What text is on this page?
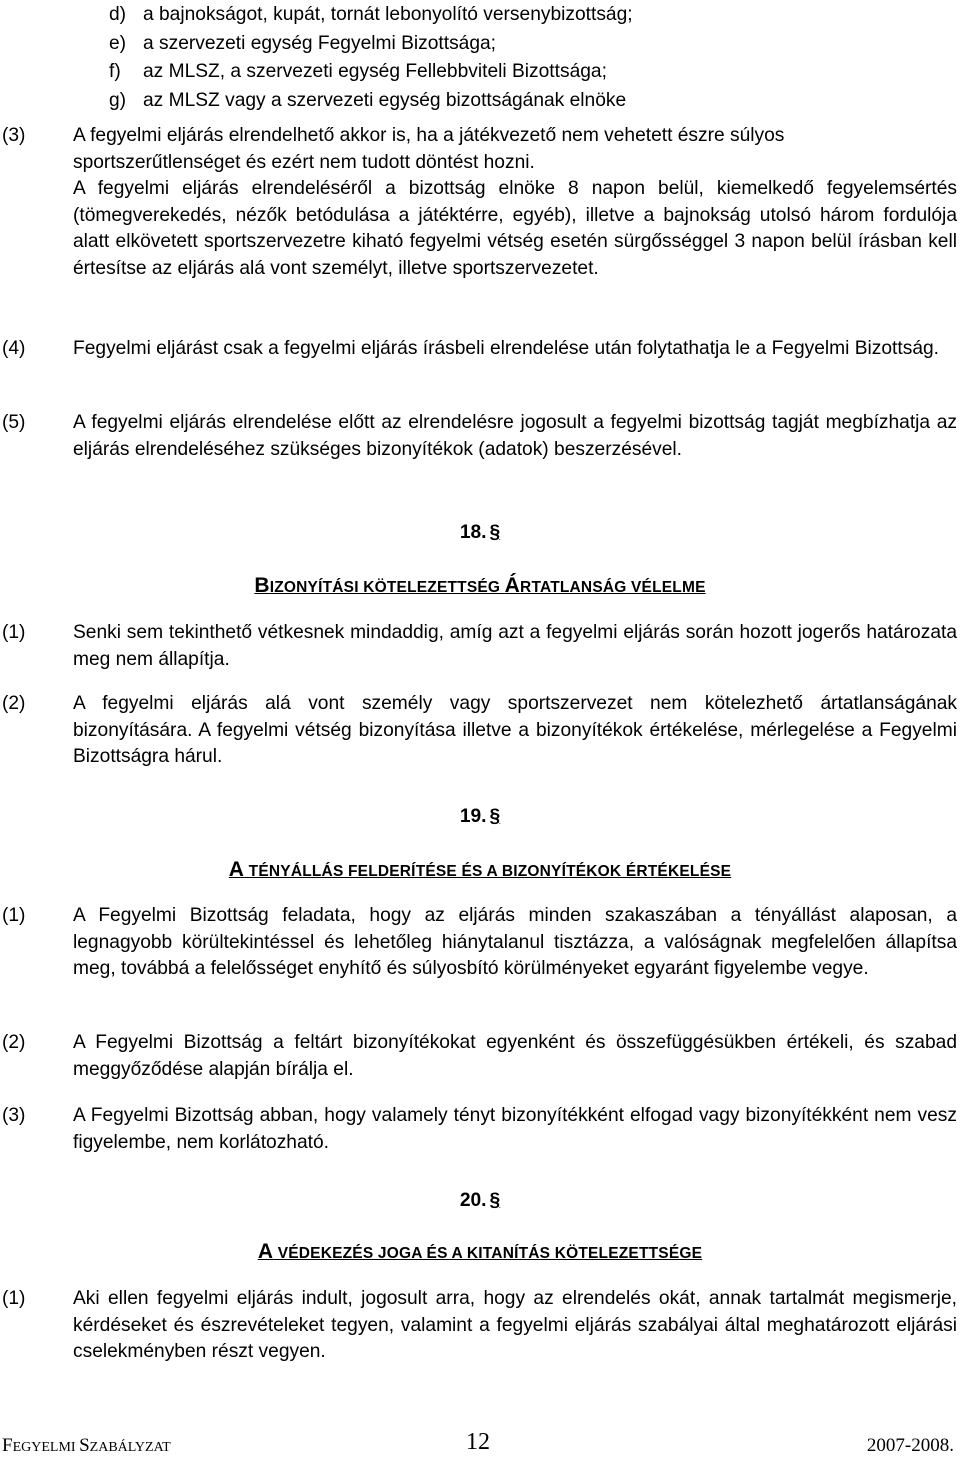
d) a bajnokságot, kupát, tornát lebonyolító versenybizottság;
e) a szervezeti egység Fegyelmi Bizottsága;
f)	az MLSZ, a szervezeti egység Fellebbviteli Bizottsága;
g) az MLSZ vagy a szervezeti egység bizottságának elnöke
(3)	A fegyelmi eljárás elrendelhető akkor is, ha a játékvezető nem vehetett észre súlyos sportszerűtlenséget és ezért nem tudott döntést hozni.

A fegyelmi eljárás elrendeléséről a bizottság elnöke 8 napon belül, kiemelkedő fegyelemsértés (tömegverekedés, nézők betódulása a játéktérre, egyéb), illetve a bajnokság utolsó három fordulója alatt elkövetett sportszervezetre kiható fegyelmi vétség esetén sürgősséggel 3 napon belül írásban kell értesítse az eljárás alá vont személyt, illetve sportszervezetet.

(4)	Fegyelmi eljárást csak a fegyelmi eljárás írásbeli elrendelése után folytathatja le a Fegyelmi Bizottság.

(5)	A fegyelmi eljárás elrendelése előtt az elrendelésre jogosult a fegyelmi bizottság tagját megbízhatja az eljárás elrendeléséhez szükséges bizonyítékok (adatok) beszerzésével.

18. §
BIZONYÍTÁSI KÖTELEZETTSÉG ÁRTATLANSÁG VÉLELME
(1)	Senki sem tekinthető vétkesnek mindaddig, amíg azt a fegyelmi eljárás során hozott jogerős határozata meg nem állapítja.

(2)	A fegyelmi eljárás alá vont személy vagy sportszervezet nem kötelezhető ártatlanságának bizonyítására. A fegyelmi vétség bizonyítása illetve a bizonyítékok értékelése, mérlegelése a Fegyelmi Bizottságra hárul.

19. §
A TÉNYÁLLÁS FELDERÍTÉSE ÉS A BIZONYÍTÉKOK ÉRTÉKELÉSE
(1)	A Fegyelmi Bizottság feladata, hogy az eljárás minden szakaszában a tényállást alaposan, a legnagyobb körültekintéssel és lehetőleg hiánytalanul tisztázza, a valóságnak megfelelően állapítsa meg, továbbá a felelősséget enyhítő és súlyosbító körülményeket egyaránt figyelembe vegye.

(2)	A Fegyelmi Bizottság a feltárt bizonyítékokat egyenként és összefüggésükben értékeli, és szabad meggyőződése alapján bírálja el.

(3)	A Fegyelmi Bizottság abban, hogy valamely tényt bizonyítékként elfogad vagy bizonyítékként nem vesz figyelembe, nem korlátozható.

20. §
A VÉDEKEZÉS JOGA ÉS A KITANÍTÁS KÖTELEZETTSÉGE
(1)	Aki ellen fegyelmi eljárás indult, jogosult arra, hogy az elrendelés okát, annak tartalmát megismerje, kérdéseket és észrevételeket tegyen, valamint a fegyelmi eljárás szabályai által meghatározott eljárási cselekményben részt vegyen.

FEGYELMI SZABÁLYZAT	12	2007-2008.
